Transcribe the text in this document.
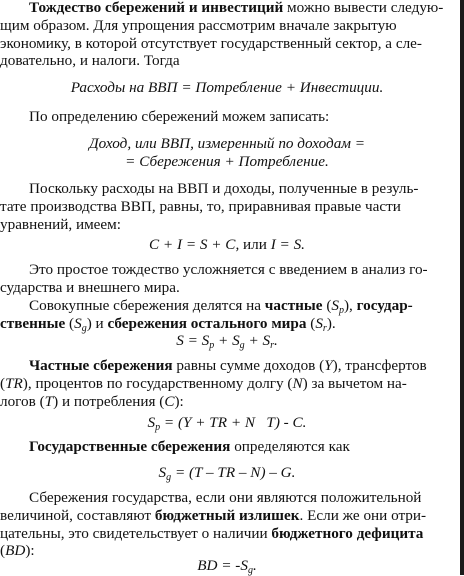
Тождество сбережений и инвестиций можно вывести следую-
щим образом. Для упрощения рассмотрим вначале закрытую
экономику, в которой отсутствует государственный сектор, а сле-
довательно, и налоги. Тогда
Расходы на ВВП = Потребление + Инвестиции.
По определению сбережений можем записать:
Доход, или ВВП, измеренный по доходам =
= Сбережения + Потребление.
Поскольку расходы на ВВП и доходы, полученные в резуль-
тате производства ВВП, равны, то, приравнивая правые части
уравнений, имеем:
C + I = S + C, или I = S.
Это простое тождество усложняется с введением в анализ го-
сударства и внешнего мира.
Совокупные сбережения делятся на частные $(S_p)$, государ-
ственные $(S_g)$ и сбережения остального мира $(S_r)$.
$S = S_p + S_g + S_r$.
Частные сбережения равны сумме доходов (Y), трансфертов
(TR), процентов по государственному долгу (N) за вычетом на-
логов (T) и потребления (C):
$S_p = (Y$ + TR + N   T) - C.
Государственные сбережения определяются как
$S_g = (T$ – TR – N) – G.
Сбережения государства, если они являются положительной
величиной, составляют бюджетный излишек. Если же они отри-
цательны, это свидетельствует о наличии бюджетного дефицита
(BD):
BD = $-S_g$.
